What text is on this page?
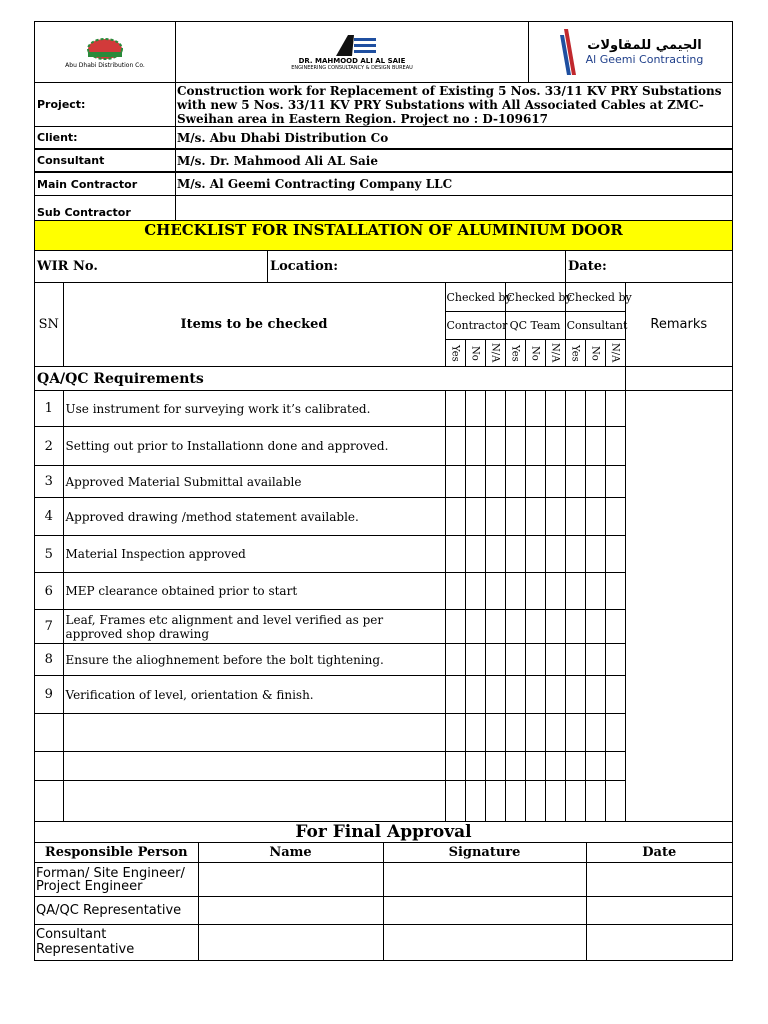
Abu Dhabi Distribution Co.	DR. MAHMOOD ALI AL SAIE
ENGINEERING CONSULTANCY & DESIGN BUREAU
الجيمي للمقاولات
Al Geemi Contracting
Project:
Construction work for Replacement of Existing 5 Nos. 33/11 KV PRY Substations with new 5 Nos. 33/11 KV PRY Substations with All Associated Cables at ZMC- Sweihan area in Eastern Region. Project no : D-109617
Client:	M/s. Abu Dhabi Distribution Co
Consultant	M/s. Dr. Mahmood Ali AL Saie
Main Contractor	M/s. Al Geemi Contracting Company LLC
Sub Contractor
CHECKLIST FOR INSTALLATION OF ALUMINIUM DOOR
WIR No.	Location:	Date:
SN	Items to be checked	Checked by			Checked by			Checked by			Remarks
		Contractor			QC Team			Consultant			
		Yes	No	N/A	Yes	No	N/A	Yes	No	N/A	
QA/QC Requirements											
1	Use instrument for surveying work it’s calibrated.										
2	Setting out prior to Installationn done and approved.										
3	Approved Material Submittal available										
4	Approved drawing /method statement available.										
5	Material Inspection approved										
6	MEP clearance obtained prior to start										
7	Leaf, Frames etc alignment and level verified as per approved shop drawing										
8	Ensure the alioghnement before the bolt tightening.										
9	Verification of level, orientation & finish.										

For Final Approval
Responsible Person	Name	Signature	Date
Forman/ Site Engineer/ Project Engineer			
QA/QC Representative			
Consultant Representative			
